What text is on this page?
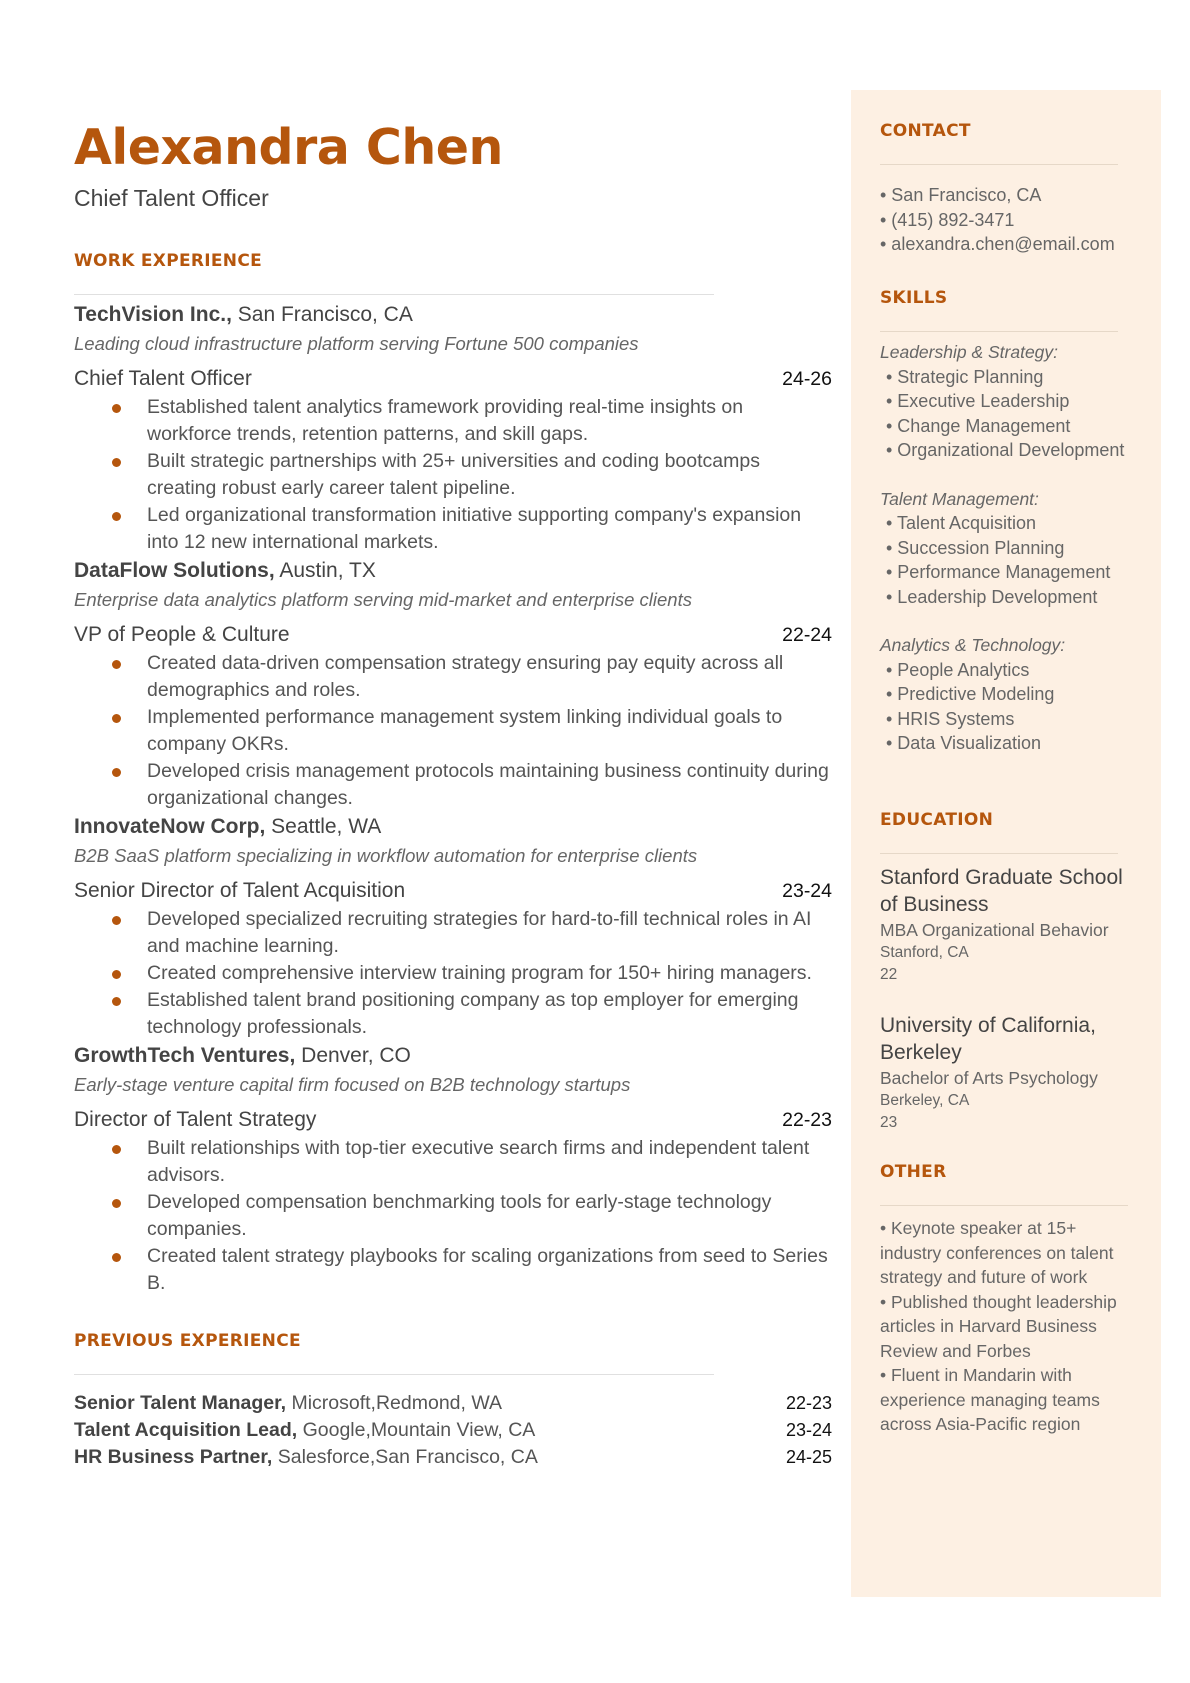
Alexandra Chen
Chief Talent Officer
WORK EXPERIENCE

TechVision Inc., San Francisco, CA

Leading cloud infrastructure platform serving Fortune 500 companies

Chief Talent Officer	24-26
Established talent analytics framework providing real-time insights on workforce trends, retention patterns, and skill gaps.
Built strategic partnerships with 25+ universities and coding bootcamps creating robust early career talent pipeline.
Led organizational transformation initiative supporting company's expansion into 12 new international markets.

DataFlow Solutions, Austin, TX

Enterprise data analytics platform serving mid-market and enterprise clients

VP of People & Culture	22-24
Created data-driven compensation strategy ensuring pay equity across all demographics and roles.
Implemented performance management system linking individual goals to company OKRs.
Developed crisis management protocols maintaining business continuity during organizational changes.

InnovateNow Corp, Seattle, WA

B2B SaaS platform specializing in workflow automation for enterprise clients

Senior Director of Talent Acquisition	23-24
Developed specialized recruiting strategies for hard-to-fill technical roles in AI and machine learning.
Created comprehensive interview training program for 150+ hiring managers.
Established talent brand positioning company as top employer for emerging technology professionals.

GrowthTech Ventures, Denver, CO

Early-stage venture capital firm focused on B2B technology startups

Director of Talent Strategy	22-23
Built relationships with top-tier executive search firms and independent talent advisors.
Developed compensation benchmarking tools for early-stage technology companies.
Created talent strategy playbooks for scaling organizations from seed to Series B.
PREVIOUS EXPERIENCE
Senior Talent Manager, Microsoft,Redmond, WA	22-23
Talent Acquisition Lead, Google,Mountain View, CA	23-24
HR Business Partner, Salesforce,San Francisco, CA	24-25
CONTACT
• San Francisco, CA
• (415) 892-3471
• alexandra.chen@email.com
SKILLS
Leadership & Strategy:
• Strategic Planning
• Executive Leadership
• Change Management
• Organizational Development
Talent Management:
• Talent Acquisition
• Succession Planning
• Performance Management
• Leadership Development
Analytics & Technology:
• People Analytics
• Predictive Modeling
• HRIS Systems
• Data Visualization
EDUCATION
Stanford Graduate School of Business
MBA Organizational Behavior
Stanford, CA
22
University of California, Berkeley
Bachelor of Arts Psychology
Berkeley, CA
23
OTHER
• Keynote speaker at 15+ industry conferences on talent strategy and future of work
• Published thought leadership articles in Harvard Business Review and Forbes
• Fluent in Mandarin with experience managing teams across Asia-Pacific region
